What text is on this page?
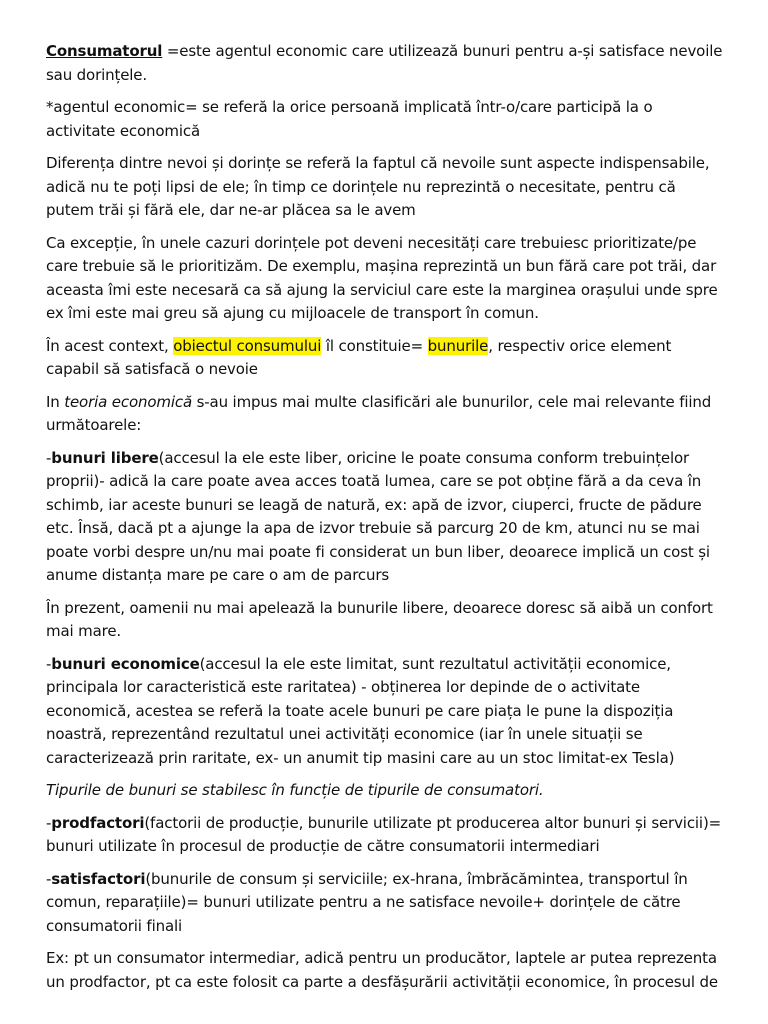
Consumatorul =este agentul economic care utilizează bunuri pentru a-și satisface nevoile sau dorințele.

*agentul economic= se referă la orice persoană implicată într-o/care participă la o activitate economică

Diferența dintre nevoi și dorințe se referă la faptul că nevoile sunt aspecte indispensabile, adică nu te poți lipsi de ele; în timp ce dorințele nu reprezintă o necesitate, pentru că putem trăi și fără ele, dar ne-ar plăcea sa le avem

Ca excepție, în unele cazuri dorințele pot deveni necesități care trebuiesc prioritizate/pe care trebuie să le prioritizăm. De exemplu, mașina reprezintă un bun fără care pot trăi, dar aceasta îmi este necesară ca să ajung la serviciul care este la marginea orașului unde spre ex îmi este mai greu să ajung cu mijloacele de transport în comun.

În acest context, obiectul consumului îl constituie= bunurile, respectiv orice element capabil să satisfacă o nevoie

In teoria economică s-au impus mai multe clasificări ale bunurilor, cele mai relevante fiind următoarele:

-bunuri libere(accesul la ele este liber, oricine le poate consuma conform trebuințelor proprii)- adică la care poate avea acces toată lumea, care se pot obține fără a da ceva în schimb, iar aceste bunuri se leagă de natură, ex: apă de izvor, ciuperci, fructe de pădure etc. Însă, dacă pt a ajunge la apa de izvor trebuie să parcurg 20 de km, atunci nu se mai poate vorbi despre un/nu mai poate fi considerat un bun liber, deoarece implică un cost și anume distanța mare pe care o am de parcurs

În prezent, oamenii nu mai apelează la bunurile libere, deoarece doresc să aibă un confort mai mare.

-bunuri economice(accesul la ele este limitat, sunt rezultatul activității economice, principala lor caracteristică este raritatea) - obținerea lor depinde de o activitate economică, acestea se referă la toate acele bunuri pe care piața le pune la dispoziția noastră, reprezentând rezultatul unei activități economice (iar în unele situații se caracterizează prin raritate, ex- un anumit tip masini care au un stoc limitat-ex Tesla)

Tipurile de bunuri se stabilesc în funcție de tipurile de consumatori.

-prodfactori(factorii de producție, bunurile utilizate pt producerea altor bunuri și servicii)= bunuri utilizate în procesul de producție de către consumatorii intermediari

-satisfactori(bunurile de consum și serviciile; ex-hrana, îmbrăcămintea, transportul în comun, reparațiile)= bunuri utilizate pentru a ne satisface nevoile+ dorințele de către consumatorii finali

Ex: pt un consumator intermediar, adică pentru un producător, laptele ar putea reprezenta un prodfactor, pt ca este folosit ca parte a desfășurării activității economice, în procesul de
